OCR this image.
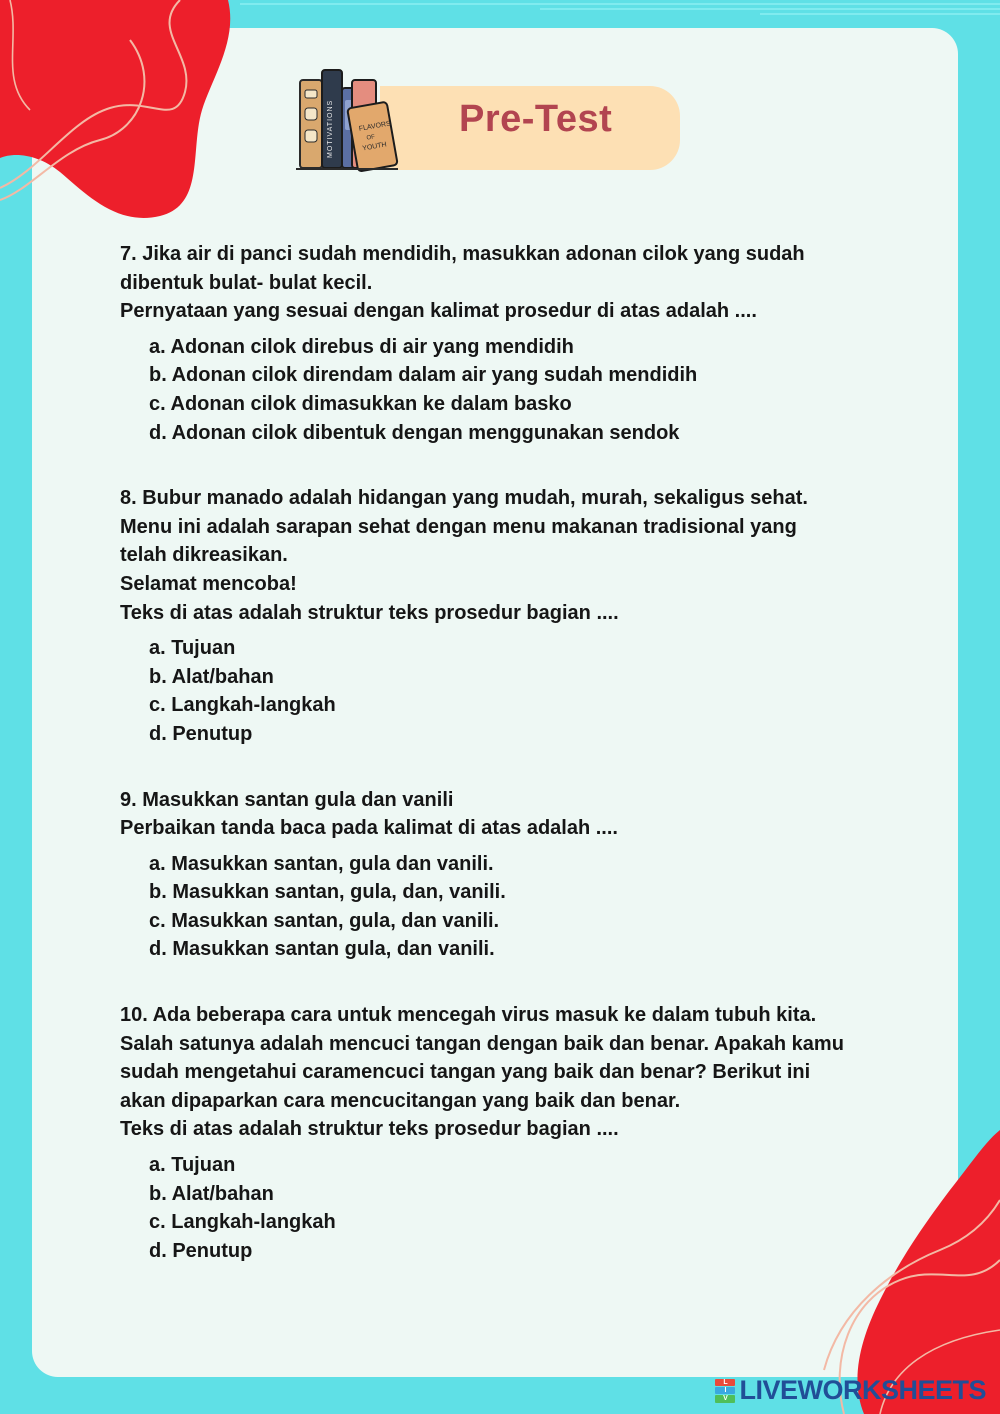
Pre-Test
MOTIVATIONS	FLAVORS
OF
YOUTH

7. Jika air di panci sudah mendidih, masukkan adonan cilok yang sudah

dibentuk bulat- bulat kecil.

Pernyataan yang sesuai dengan kalimat prosedur di atas adalah ....

a. Adonan cilok direbus di air yang mendidih
b. Adonan cilok direndam dalam air yang sudah mendidih
c. Adonan cilok dimasukkan ke dalam basko
d. Adonan cilok dibentuk dengan menggunakan sendok

8. Bubur manado adalah hidangan yang mudah, murah, sekaligus sehat.

Menu ini adalah sarapan sehat dengan menu makanan tradisional yang

telah dikreasikan.

Selamat mencoba!

Teks di atas adalah struktur teks prosedur bagian ....

a. Tujuan
b. Alat/bahan
c. Langkah-langkah
d. Penutup

9. Masukkan santan gula dan vanili

Perbaikan tanda baca pada kalimat di atas adalah ....

a. Masukkan santan, gula dan vanili.
b. Masukkan santan, gula, dan, vanili.
c. Masukkan santan, gula, dan vanili.
d. Masukkan santan gula, dan vanili.

10. Ada beberapa cara untuk mencegah virus masuk ke dalam tubuh kita.

Salah satunya adalah mencuci tangan dengan baik dan benar. Apakah kamu

sudah mengetahui caramencuci tangan yang baik dan benar? Berikut ini

akan dipaparkan cara mencucitangan yang baik dan benar.

Teks di atas adalah struktur teks prosedur bagian ....

a. Tujuan
b. Alat/bahan
c. Langkah-langkah
d. Penutup
L
I
V LIVEWORKSHEETS
